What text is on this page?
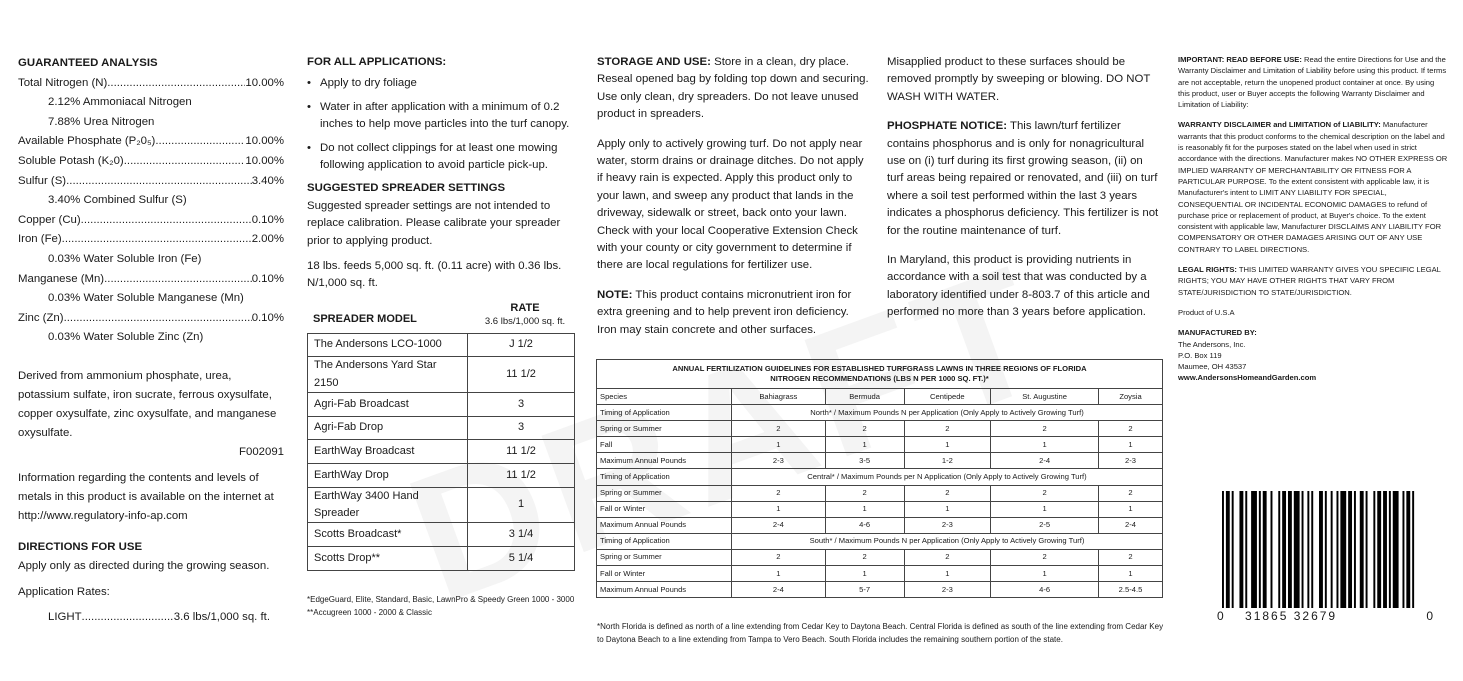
GUARANTEED ANALYSIS
Total Nitrogen (N) .....	10.00%
2.12% Ammoniacal Nitrogen
7.88% Urea Nitrogen
Available Phosphate (P₂0₅) .....	10.00%
Soluble Potash (K₂0) .....	10.00%
Sulfur (S) .....	3.40%
3.40% Combined Sulfur (S)
Copper (Cu) .....	0.10%
Iron (Fe) .....	2.00%
0.03% Water Soluble Iron (Fe)
Manganese (Mn) .....	0.10%
0.03% Water Soluble Manganese (Mn)
Zinc (Zn) .....	0.10%
0.03% Water Soluble Zinc (Zn)

Derived from ammonium phosphate, urea, potassium sulfate, iron sucrate, ferrous oxysulfate, copper oxysulfate, zinc oxysulfate, and manganese oxysulfate.

F002091

Information regarding the contents and levels of metals in this product is available on the internet at http://www.regulatory-info-ap.com

DIRECTIONS FOR USE
Apply only as directed during the growing season.
Application Rates:
LIGHT .....	3.6 lbs/1,000 sq. ft.
FOR ALL APPLICATIONS:
• Apply to dry foliage
• Water in after application with a minimum of 0.2 inches to help move particles into the turf canopy.
• Do not collect clippings for at least one mowing following application to avoid particle pick-up.
SUGGESTED SPREADER SETTINGS

Suggested spreader settings are not intended to replace calibration. Please calibrate your spreader prior to applying product.

18 lbs. feeds 5,000 sq. ft. (0.11 acre) with 0.36 lbs. N/1,000 sq. ft.

SPREADER MODEL
RATE
3.6 lbs/1,000 sq. ft.
The Andersons LCO-1000	J 1/2
The Andersons Yard Star 2150	11 1/2
Agri-Fab Broadcast	3
Agri-Fab Drop	3
EarthWay Broadcast	11 1/2
EarthWay Drop	11 1/2
EarthWay 3400 Hand Spreader	1
Scotts Broadcast*	3 1/4
Scotts Drop**	5 1/4
*EdgeGuard, Elite, Standard, Basic, LawnPro & Speedy Green 1000 - 3000
**Accugreen 1000 - 2000 & Classic

STORAGE AND USE: Store in a clean, dry place. Reseal opened bag by folding top down and securing. Use only clean, dry spreaders. Do not leave unused product in spreaders.

Apply only to actively growing turf. Do not apply near water, storm drains or drainage ditches. Do not apply if heavy rain is expected. Apply this product only to your lawn, and sweep any product that lands in the driveway, sidewalk or street, back onto your lawn. Check with your local Cooperative Extension Check with your county or city government to determine if there are local regulations for fertilizer use.

NOTE: This product contains micronutrient iron for extra greening and to help prevent iron deficiency. Iron may stain concrete and other surfaces.

Misapplied product to these surfaces should be removed promptly by sweeping or blowing. DO NOT WASH WITH WATER.

PHOSPHATE NOTICE: This lawn/turf fertilizer contains phosphorus and is only for nonagricultural use on (i) turf during its first growing season, (ii) on turf areas being repaired or renovated, and (iii) on turf where a soil test performed within the last 3 years indicates a phosphorus deficiency. This fertilizer is not for the routine maintenance of turf.

In Maryland, this product is providing nutrients in accordance with a soil test that was conducted by a laboratory identified under 8-803.7 of this article and performed no more than 3 years before application.

IMPORTANT: READ BEFORE USE: Read the entire Directions for Use and the Warranty Disclaimer and Limitation of Liability before using this product. If terms are not acceptable, return the unopened product container at once. By using this product, user or Buyer accepts the following Warranty Disclaimer and Limitation of Liability:

WARRANTY DISCLAIMER and LIMITATION of LIABILITY: Manufacturer warrants that this product conforms to the chemical description on the label and is reasonably fit for the purposes stated on the label when used in strict accordance with the directions. Manufacturer makes NO OTHER EXPRESS OR IMPLIED WARRANTY OF MERCHANTABILITY OR FITNESS FOR A PARTICULAR PURPOSE. To the extent consistent with applicable law, it is Manufacturer's intent to LIMIT ANY LIABILITY FOR SPECIAL, CONSEQUENTIAL OR INCIDENTAL ECONOMIC DAMAGES to refund of purchase price or replacement of product, at Buyer's choice. To the extent consistent with applicable law, Manufacturer DISCLAIMS ANY LIABILITY FOR COMPENSATORY OR OTHER DAMAGES ARISING OUT OF ANY USE CONTRARY TO LABEL DIRECTIONS.

LEGAL RIGHTS: THIS LIMITED WARRANTY GIVES YOU SPECIFIC LEGAL RIGHTS; YOU MAY HAVE OTHER RIGHTS THAT VARY FROM STATE/JURISDICTION TO STATE/JURISDICTION.

Product of U.S.A

MANUFACTURED BY:

The Andersons, Inc.

P.O. Box 119

Maumee, OH 43537

www.AndersonsHomeandGarden.com

0 31865 32679	0
ANNUAL FERTILIZATION GUIDELINES FOR ESTABLISHED TURFGRASS LAWNS IN THREE REGIONS OF FLORIDA
NITROGEN RECOMMENDATIONS (LBS N PER 1000 SQ. FT.)*					
Species	Bahiagrass	Bermuda	Centipede	St. Augustine	Zoysia
Timing of Application	North* / Maximum Pounds N per Application (Only Apply to Actively Growing Turf)				
Spring or Summer	2	2	2	2	2
Fall	1	1	1	1	1
Maximum Annual Pounds	2-3	3-5	1-2	2-4	2-3
Timing of Application	Central* / Maximum Pounds per N Application (Only Apply to Actively Growing Turf)				
Spring or Summer	2	2	2	2	2
Fall or Winter	1	1	1	1	1
Maximum Annual Pounds	2-4	4-6	2-3	2-5	2-4
Timing of Application	South* / Maximum Pounds N per Application (Only Apply to Actively Growing Turf)				
Spring or Summer	2	2	2	2	2
Fall or Winter	1	1	1	1	1
Maximum Annual Pounds	2-4	5-7	2-3	4-6	2.5-4.5
*North Florida is defined as north of a line extending from Cedar Key to Daytona Beach. Central Florida is defined as south of the line extending from Cedar Key to Daytona Beach to a line extending from Tampa to Vero Beach. South Florida includes the remaining southern portion of the state.
